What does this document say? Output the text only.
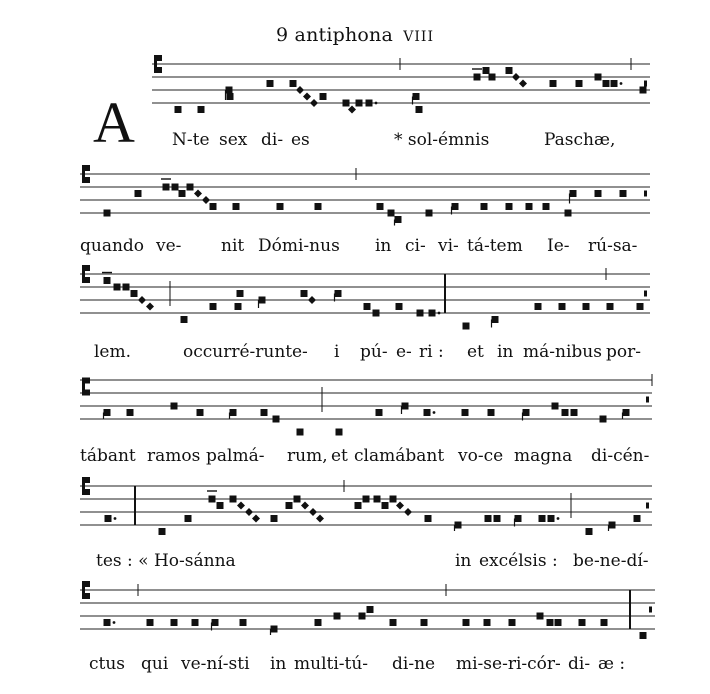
9 antiphona VIII
A N-te sex di- es	* sol-émnis	Paschæ,
quando ve- nit Dómi-nus in ci- vi- tá-tem Ie- rú-sa-
lem.	occurré-runt e- i pú- e- ri : et in má-nibus por-
tábant ramos palmá- rum, et clamábant vo-ce magna di-cén-
tes : « Ho-sánna	in excélsis : be-ne-dí-
ctus qui ve-ní-sti in multi-tú- di-ne mi-se-ri-cór- di- æ :
